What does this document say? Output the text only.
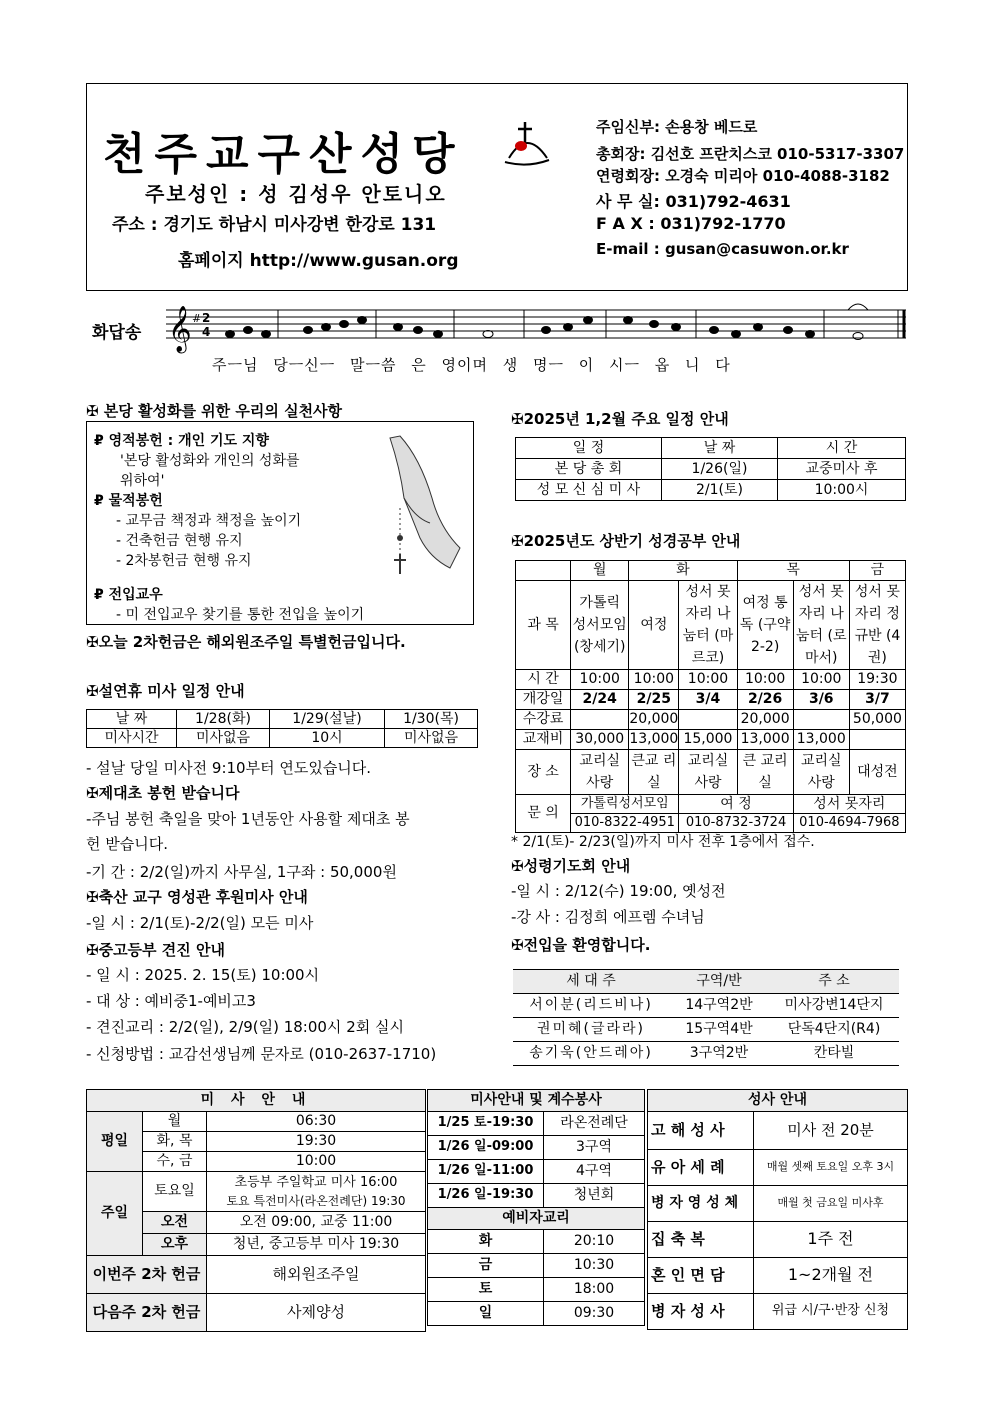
천주교구산성당
주보성인 : 성 김성우 안토니오
주소 : 경기도 하남시 미사강변 한강로 131
홈페이지 http://www.gusan.org
주임신부: 손용창 베드로
총회장: 김선호 프란치스코 010-5317-3307
연령회장: 오경숙 미리아 010-4088-3182
사 무 실: 031)792-4631
F A X : 031)792-1770
E-mail : gusan@casuwon.or.kr
화답송 𝄞 # 2
4
주ㅡ님 당ㅡ신ㅡ 말ㅡ씀 은 영이며 생 명ㅡ 이 시ㅡ 옵 니 다
✠ 본당 활성화를 위한 우리의 실천사항
₽ 영적봉헌 : 개인 기도 지향
'본당 활성화와 개인의 성화를
위하여'
₽ 물적봉헌
- 교무금 책정과 책정을 높이기
- 건축헌금 현행 유지
- 2차봉헌금 현행 유지
₽ 전입교우
- 미 전입교우 찾기를 통한 전입을 높이기
✠오늘 2차헌금은 해외원조주일 특별헌금입니다.
✠설연휴 미사 일정 안내
날 짜	1/28(화)	1/29(설날)	1/30(목)
미사시간	미사없음	10시	미사없음
- 설날 당일 미사전 9:10부터 연도있습니다.
✠제대초 봉헌 받습니다
-주님 봉헌 축일을 맞아 1년동안 사용할 제대초 봉
헌 받습니다.
-기 간 : 2/2(일)까지 사무실, 1구좌 : 50,000원
✠축산 교구 영성관 후원미사 안내
-일 시 : 2/1(토)-2/2(일) 모든 미사
✠중고등부 견진 안내
- 일 시 : 2025. 2. 15(토) 10:00시
- 대 상 : 예비중1-예비고3
- 견진교리 : 2/2(일), 2/9(일) 18:00시 2회 실시
- 신청방법 : 교감선생님께 문자로 (010-2637-1710)
✠2025년 1,2월 주요 일정 안내
일 정	날 짜	시 간
본 당 총 회	1/26(일)	교중미사 후
성 모 신 심 미 사	2/1(토)	10:00시
✠2025년도 상반기 성경공부 안내
	월	화		목		금
과 목	가톨릭 성서모임 (창세기)	여정	성서 못자리 나눔터 (마르코)	여정 통독 (구약 2-2)	성서 못자리 나눔터 (로마서)	성서 못자리 정규반 (4권)
시 간	10:00	10:00	10:00	10:00	10:00	19:30
개강일	2/24	2/25	3/4	2/26	3/6	3/7
수강료		20,000		20,000		50,000
교재비	30,000	13,000	15,000	13,000	13,000	
장 소	교리실 사랑	큰교 리실	교리실 사랑	큰 교리실	교리실 사랑	대성전
문 의	가톨릭성서모임		여 정		성서 못자리	
	010-8322-4951		010-8732-3724		010-4694-7968	
* 2/1(토)- 2/23(일)까지 미사 전후 1층에서 접수.
✠성령기도회 안내
-일 시 : 2/12(수) 19:00, 옛성전
-강 사 : 김정희 에프렘 수녀님
✠전입을 환영합니다.
세 대 주	구역/반	주 소
서이분(리드비나)	14구역2반	미사강변14단지
권미혜(글라라)	15구역4반	단독4단지(R4)
송기욱(안드레아)	3구역2반	칸타빌
미 사 안 내		
평일	월	06:30
	화, 목	19:30
	수, 금	10:00
주일	토요일	초등부 주일학교 미사 16:00
토요 특전미사(라온전례단) 19:30

	오전	오전 09:00, 교중 11:00
	오후	청년, 중고등부 미사 19:30
이번주 2차 헌금		해외원조주일
다음주 2차 헌금		사제양성
미사안내 및 계수봉사	
1/25 토-19:30	라온전례단
1/26 일-09:00	3구역
1/26 일-11:00	4구역
1/26 일-19:30	청년회
예비자교리	
화	20:10
금	10:30
토	18:00
일	09:30
성사 안내	
고 해 성 사	미사 전 20분
유 아 세 례	매월 셋째 토요일 오후 3시
병 자 영 성 체	매월 첫 금요일 미사후
집 축 복	1주 전
혼 인 면 담	1~2개월 전
병 자 성 사	위급 시/구·반장 신청
